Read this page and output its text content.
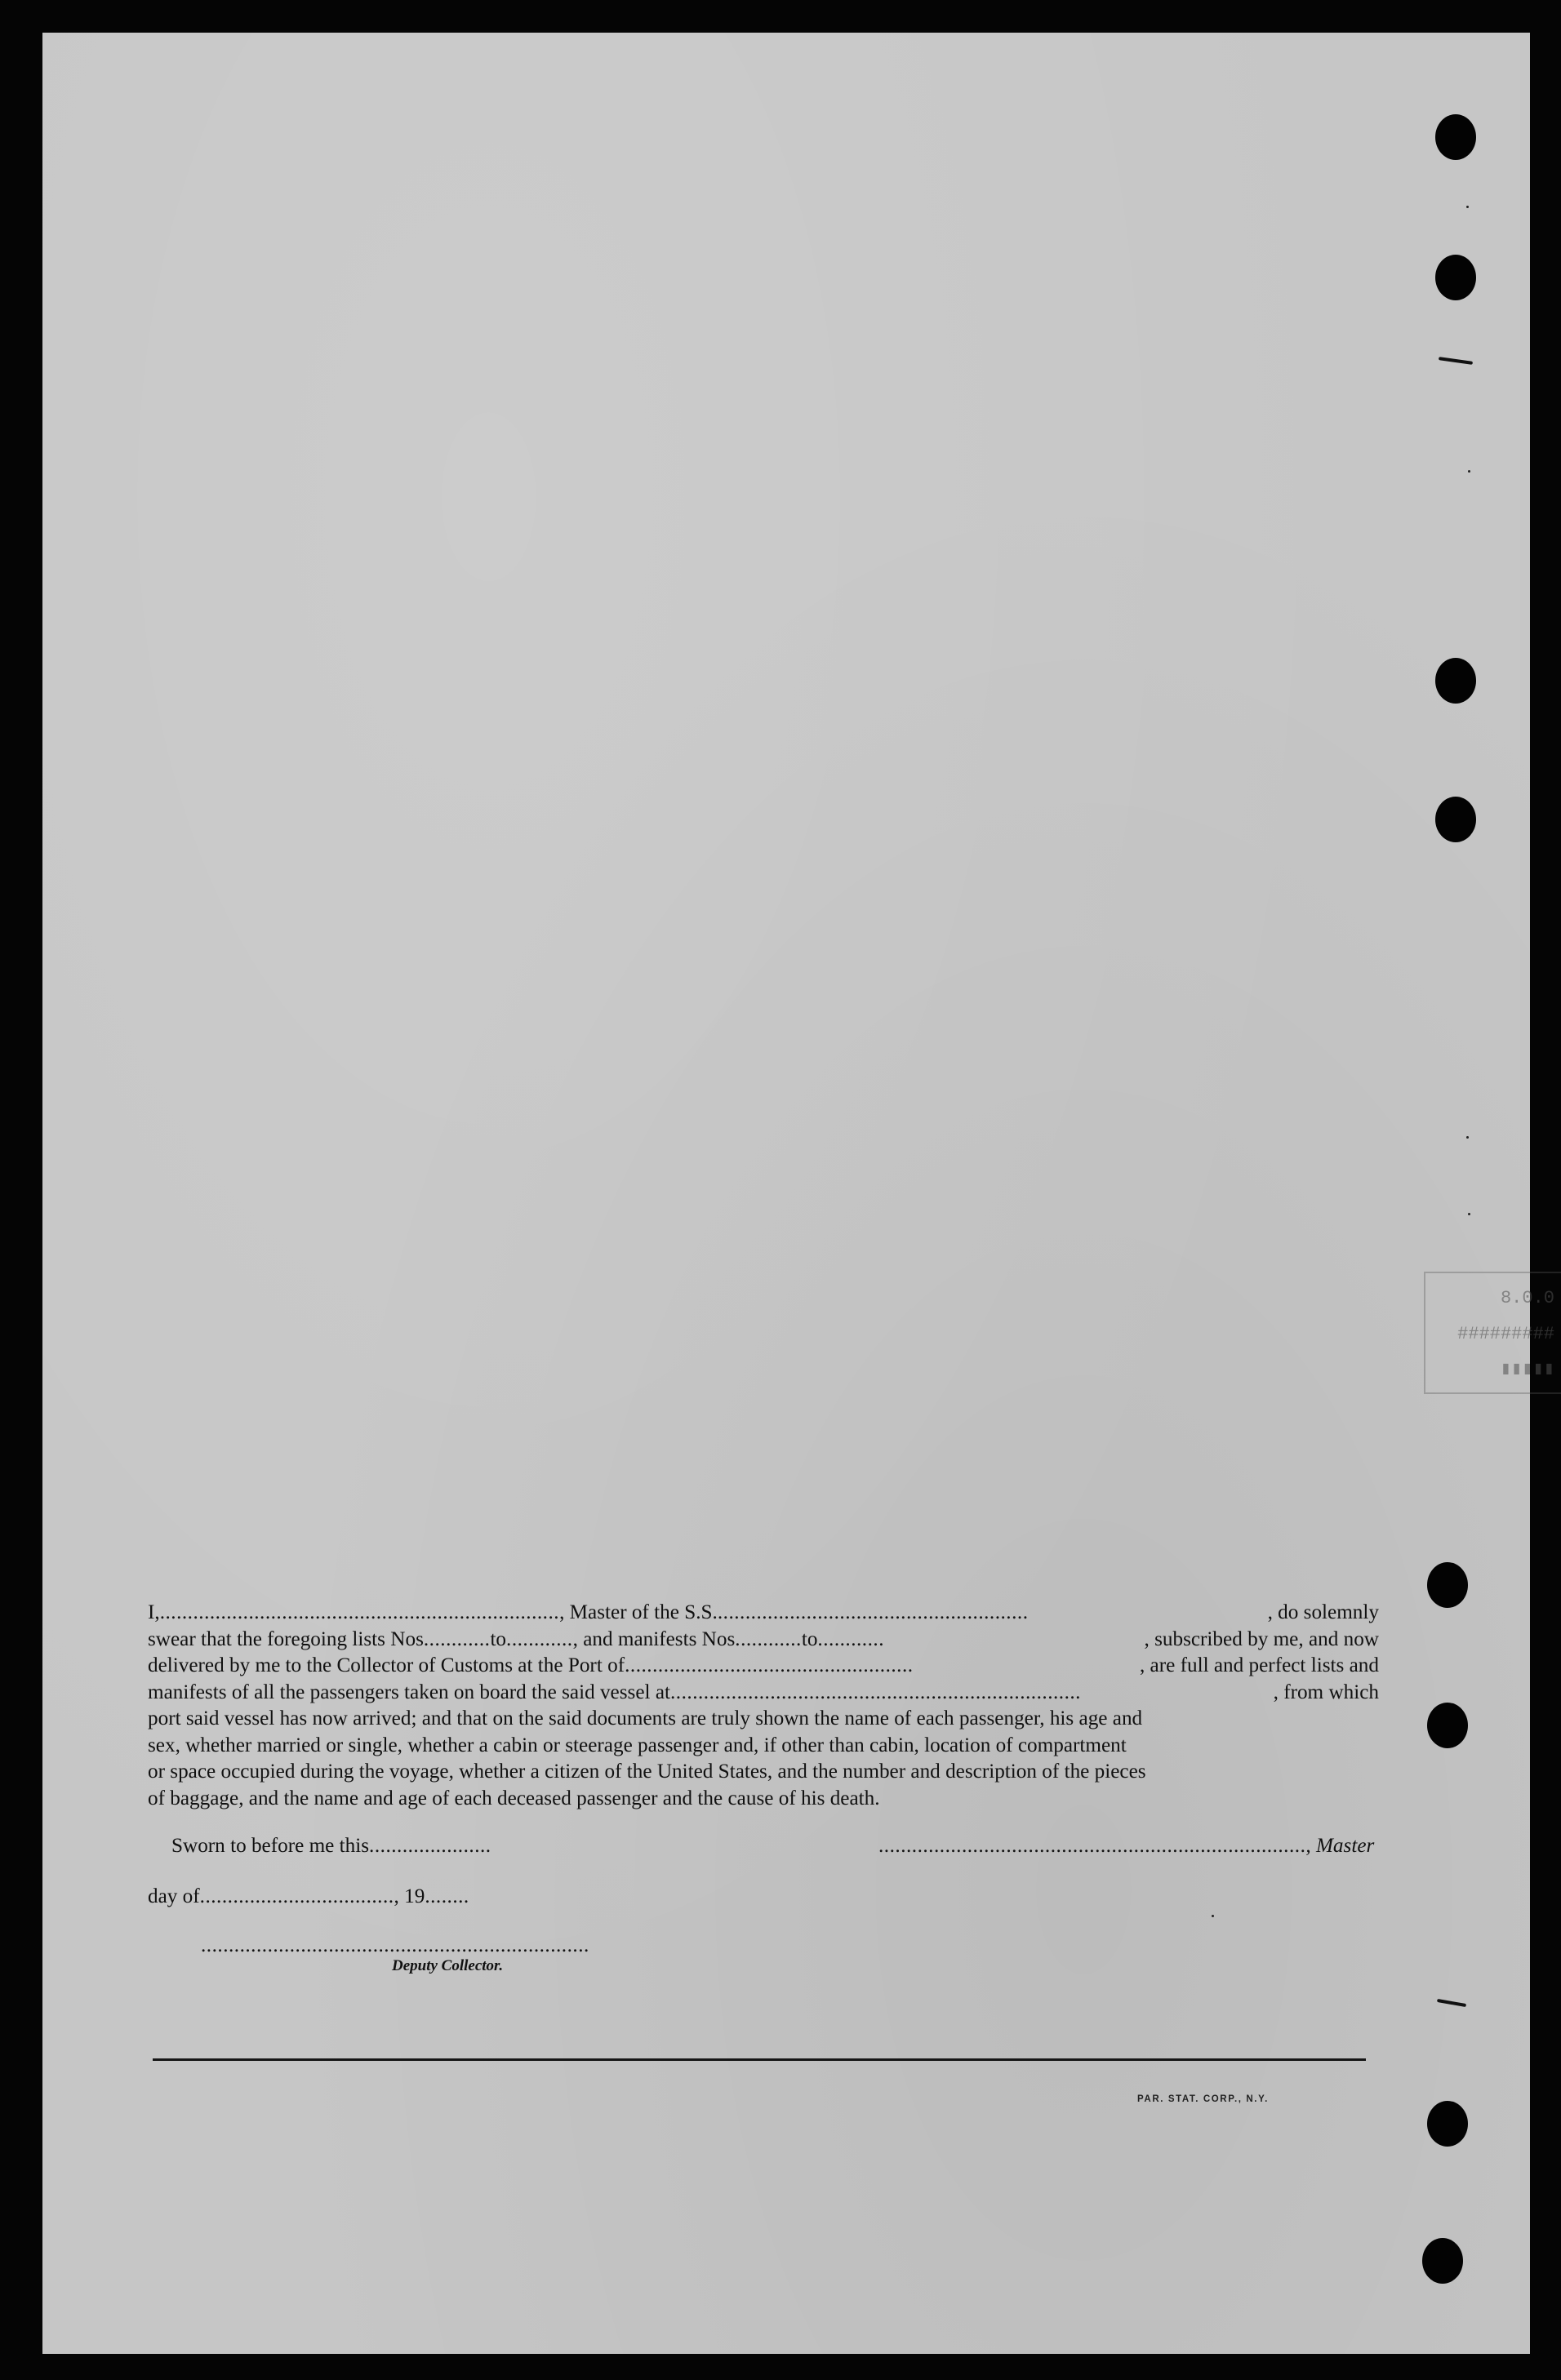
8.0.0
#########
▮▮▮▮▮
I, ........................................................................ , Master of the S.S. ........................................................	, do solemnly
swear that the foregoing lists Nos ............ to ............ , and manifests Nos ............ to ............	, subscribed by me, and now
delivered by me to the Collector of Customs at the Port of ....................................................	, are full and perfect lists and
manifests of all the passengers taken on board the said vessel at ..........................................................................	, from which
port said vessel has now arrived; and that on the said documents are truly shown the name of each passenger, his age and
sex, whether married or single, whether a cabin or steerage passenger and, if other than cabin, location of compartment
or space occupied during the voyage, whether a citizen of the United States, and the number and description of the pieces
of baggage, and the name and age of each deceased passenger and the cause of his death.
Sworn to before me this......................	............................................................................., Master
day of..................................., 19........
......................................................................
Deputy Collector.
PAR. STAT. CORP., N.Y.
